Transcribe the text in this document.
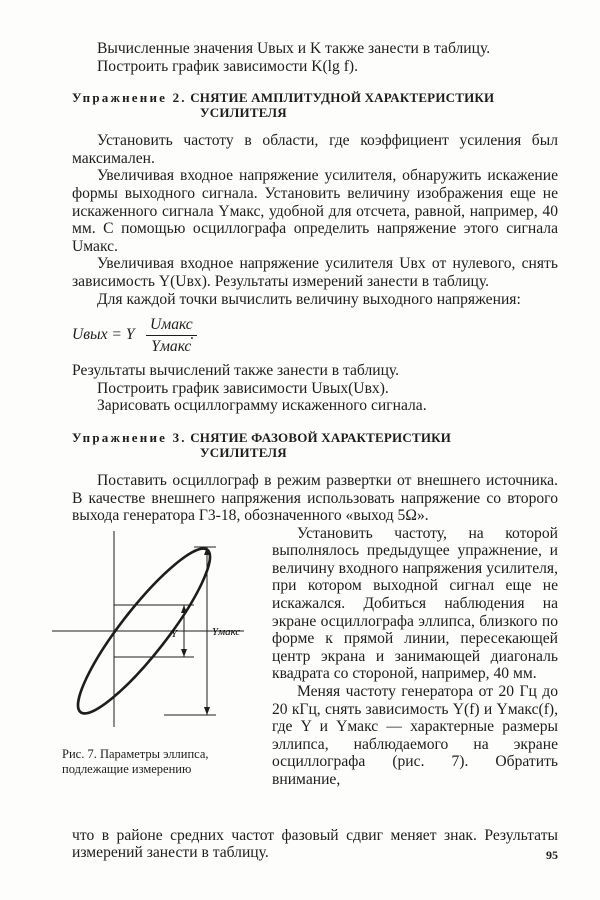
Вычисленные значения Uвых и K также занести в таблицу.

Построить график зависимости K(lg f).

Упражнение 2. СНЯТИЕ АМПЛИТУДНОЙ ХАРАКТЕРИСТИКИ
УСИЛИТЕЛЯ

Установить частоту в области, где коэффициент усиления был максимален.

Увеличивая входное напряжение усилителя, обнаружить искажение формы выходного сигнала. Установить величину изображения еще не искаженного сигнала Yмакс, удобной для отсчета, равной, например, 40 мм. С помощью осциллографа определить напряжение этого сигнала Uмакс.

Увеличивая входное напряжение усилителя Uвх от нулевого, снять зависимость Y(Uвх). Результаты измерений занести в таблицу.

Для каждой точки вычислить величину выходного напряжения:

Uвых = Y
Uмакс
Yмакс
.

Результаты вычислений также занести в таблицу.

Построить график зависимости Uвых(Uвх).

Зарисовать осциллограмму искаженного сигнала.

Упражнение 3. СНЯТИЕ ФАЗОВОЙ ХАРАКТЕРИСТИКИ
УСИЛИТЕЛЯ

Поставить осциллограф в режим развертки от внешнего источника. В качестве внешнего напряжения использовать напряжение со второго выхода генератора Г3-18, обозначенного «выход 5Ω».

Y	Yмакс
Рис. 7. Параметры эллипса, подлежащие измерению

Установить частоту, на которой выполнялось предыдущее упражнение, и величину входного напряжения усилителя, при котором выходной сигнал еще не искажался. Добиться наблюдения на экране осциллографа эллипса, близкого по форме к прямой линии, пересекающей центр экрана и занимающей диагональ квадрата со стороной, например, 40 мм.

Меняя частоту генератора от 20 Гц до 20 кГц, снять зависимость Y(f) и Yмакс(f), где Y и Yмакс — характерные размеры эллипса, наблюдаемого на экране осциллографа (рис. 7). Обратить внимание,

что в районе средних частот фазовый сдвиг меняет знак. Результаты измерений занести в таблицу.	95
